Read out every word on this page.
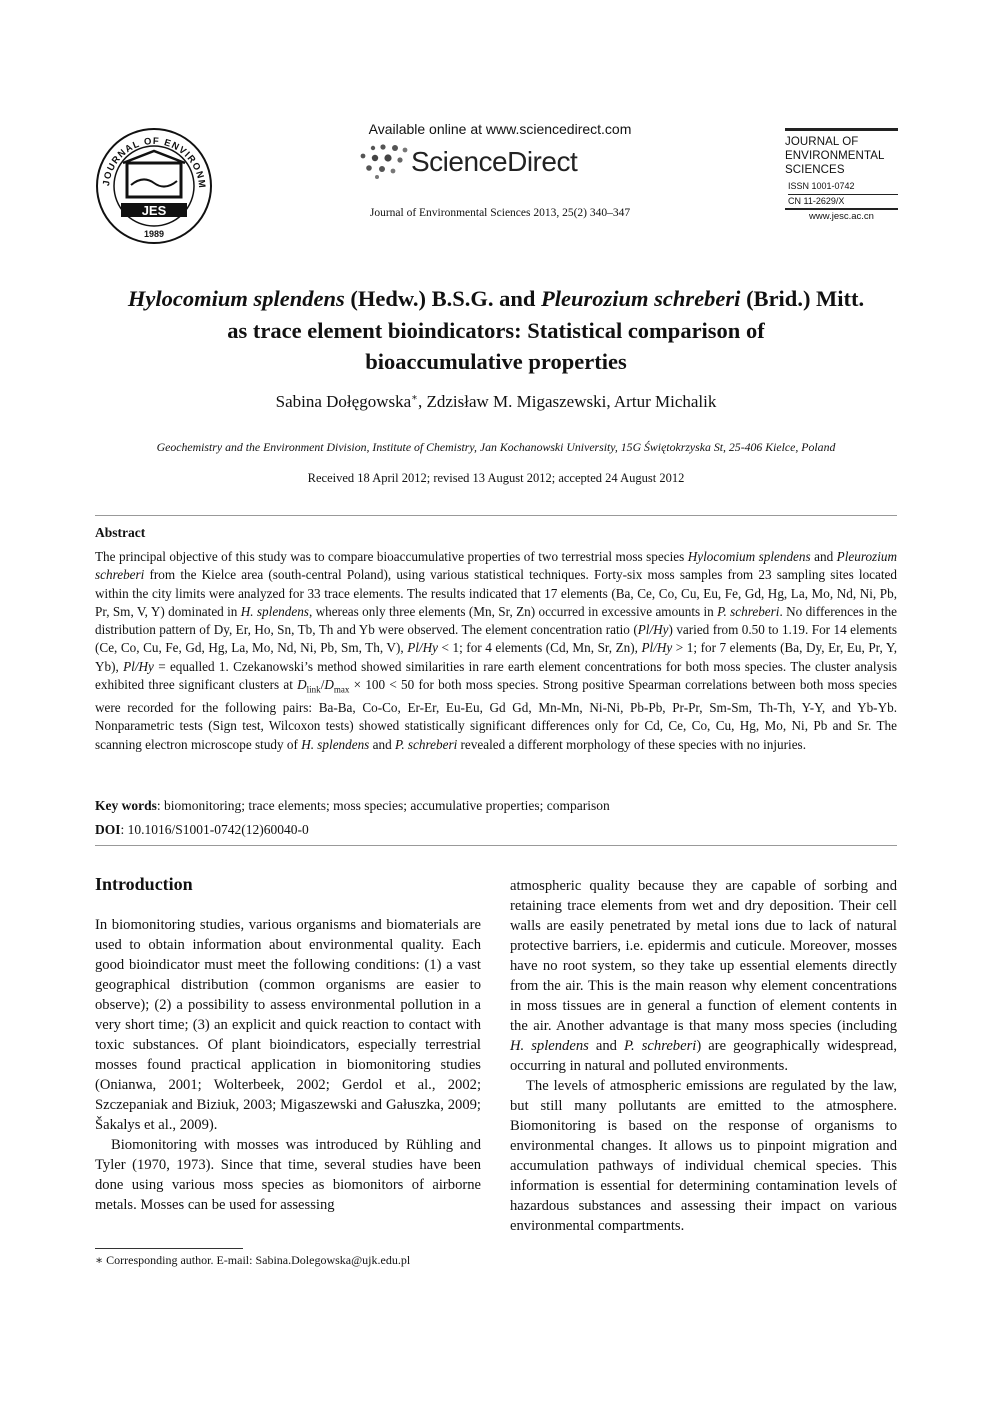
JOURNAL OF ENVIRONM
JES
1989
Available online at www.sciencedirect.com
ScienceDirect
Journal of Environmental Sciences 2013, 25(2) 340–347
JOURNAL OF
ENVIRONMENTAL
SCIENCES
ISSN 1001-0742
CN 11-2629/X
www.jesc.ac.cn
Hylocomium splendens (Hedw.) B.S.G. and Pleurozium schreberi (Brid.) Mitt.
as trace element bioindicators: Statistical comparison of
bioaccumulative properties
Sabina Dołęgowska∗, Zdzisław M. Migaszewski, Artur Michalik
Geochemistry and the Environment Division, Institute of Chemistry, Jan Kochanowski University, 15G Świętokrzyska St, 25-406 Kielce, Poland
Received 18 April 2012; revised 13 August 2012; accepted 24 August 2012
Abstract
The principal objective of this study was to compare bioaccumulative properties of two terrestrial moss species Hylocomium splendens and Pleurozium schreberi from the Kielce area (south-central Poland), using various statistical techniques. Forty-six moss samples from 23 sampling sites located within the city limits were analyzed for 33 trace elements. The results indicated that 17 elements (Ba, Ce, Co, Cu, Eu, Fe, Gd, Hg, La, Mo, Nd, Ni, Pb, Pr, Sm, V, Y) dominated in H. splendens, whereas only three elements (Mn, Sr, Zn) occurred in excessive amounts in P. schreberi. No differences in the distribution pattern of Dy, Er, Ho, Sn, Tb, Th and Yb were observed. The element concentration ratio (Pl/Hy) varied from 0.50 to 1.19. For 14 elements (Ce, Co, Cu, Fe, Gd, Hg, La, Mo, Nd, Ni, Pb, Sm, Th, V), Pl/Hy < 1; for 4 elements (Cd, Mn, Sr, Zn), Pl/Hy > 1; for 7 elements (Ba, Dy, Er, Eu, Pr, Y, Yb), Pl/Hy = equalled 1. Czekanowski’s method showed similarities in rare earth element concentrations for both moss species. The cluster analysis exhibited three significant clusters at $D_{link}/D_{max} \times 100 < 50$ for both moss species. Strong positive Spearman correlations between both moss species were recorded for the following pairs: Ba-Ba, Co-Co, Er-Er, Eu-Eu, Gd Gd, Mn-Mn, Ni-Ni, Pb-Pb, Pr-Pr, Sm-Sm, Th-Th, Y-Y, and Yb-Yb. Nonparametric tests (Sign test, Wilcoxon tests) showed statistically significant differences only for Cd, Ce, Co, Cu, Hg, Mo, Ni, Pb and Sr. The scanning electron microscope study of H. splendens and P. schreberi revealed a different morphology of these species with no injuries.
Key words: biomonitoring; trace elements; moss species; accumulative properties; comparison
DOI: 10.1016/S1001-0742(12)60040-0
Introduction

In biomonitoring studies, various organisms and biomaterials are used to obtain information about environmental quality. Each good bioindicator must meet the following conditions: (1) a vast geographical distribution (common organisms are easier to observe); (2) a possibility to assess environmental pollution in a very short time; (3) an explicit and quick reaction to contact with toxic substances. Of plant bioindicators, especially terrestrial mosses found practical application in biomonitoring studies (Onianwa, 2001; Wolterbeek, 2002; Gerdol et al., 2002; Szczepaniak and Biziuk, 2003; Migaszewski and Gałuszka, 2009; Šakalys et al., 2009).

Biomonitoring with mosses was introduced by Rühling and Tyler (1970, 1973). Since that time, several studies have been done using various moss species as biomonitors of airborne metals. Mosses can be used for assessing

atmospheric quality because they are capable of sorbing and retaining trace elements from wet and dry deposition. Their cell walls are easily penetrated by metal ions due to lack of natural protective barriers, i.e. epidermis and cuticule. Moreover, mosses have no root system, so they take up essential elements directly from the air. This is the main reason why element concentrations in moss tissues are in general a function of element contents in the air. Another advantage is that many moss species (including H. splendens and P. schreberi) are geographically widespread, occurring in natural and polluted environments.

The levels of atmospheric emissions are regulated by the law, but still many pollutants are emitted to the atmosphere. Biomonitoring is based on the response of organisms to environmental changes. It allows us to pinpoint migration and accumulation pathways of individual chemical species. This information is essential for determining contamination levels of hazardous substances and assessing their impact on various environmental compartments.

∗ Corresponding author. E-mail: Sabina.Dolegowska@ujk.edu.pl
